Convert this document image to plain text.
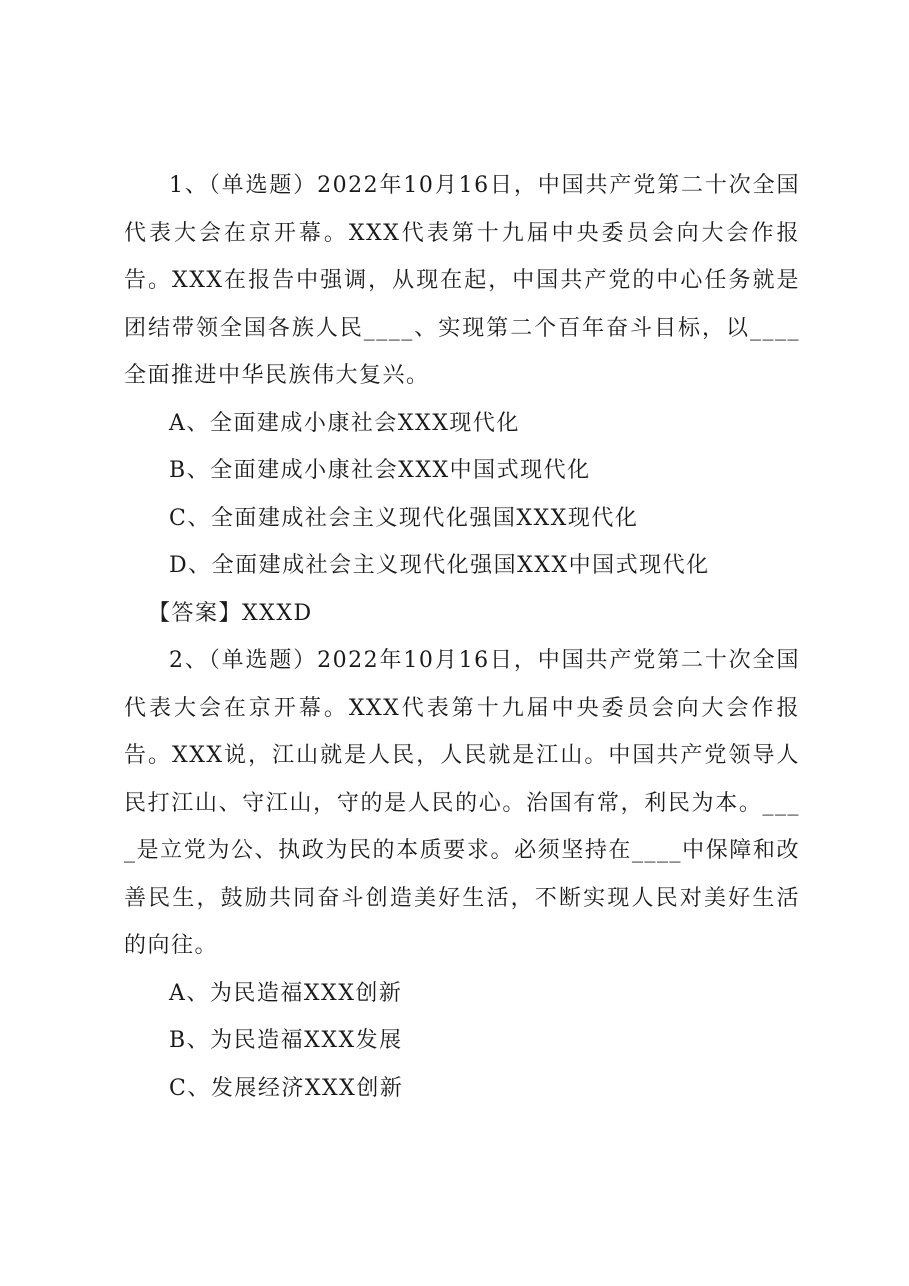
1、（单选题）2022年10月16日，中国共产党第二十次全国代表大会在京开幕。XXX代表第十九届中央委员会向大会作报告。XXX在报告中强调，从现在起，中国共产党的中心任务就是团结带领全国各族人民____、实现第二个百年奋斗目标，以____全面推进中华民族伟大复兴。

A、全面建成小康社会XXX现代化

B、全面建成小康社会XXX中国式现代化

C、全面建成社会主义现代化强国XXX现代化

D、全面建成社会主义现代化强国XXX中国式现代化

【答案】XXXD

2、（单选题）2022年10月16日，中国共产党第二十次全国代表大会在京开幕。XXX代表第十九届中央委员会向大会作报告。XXX说，江山就是人民，人民就是江山。中国共产党领导人民打江山、守江山，守的是人民的心。治国有常，利民为本。____是立党为公、执政为民的本质要求。必须坚持在____中保障和改善民生，鼓励共同奋斗创造美好生活，不断实现人民对美好生活的向往。

A、为民造福XXX创新

B、为民造福XXX发展

C、发展经济XXX创新
